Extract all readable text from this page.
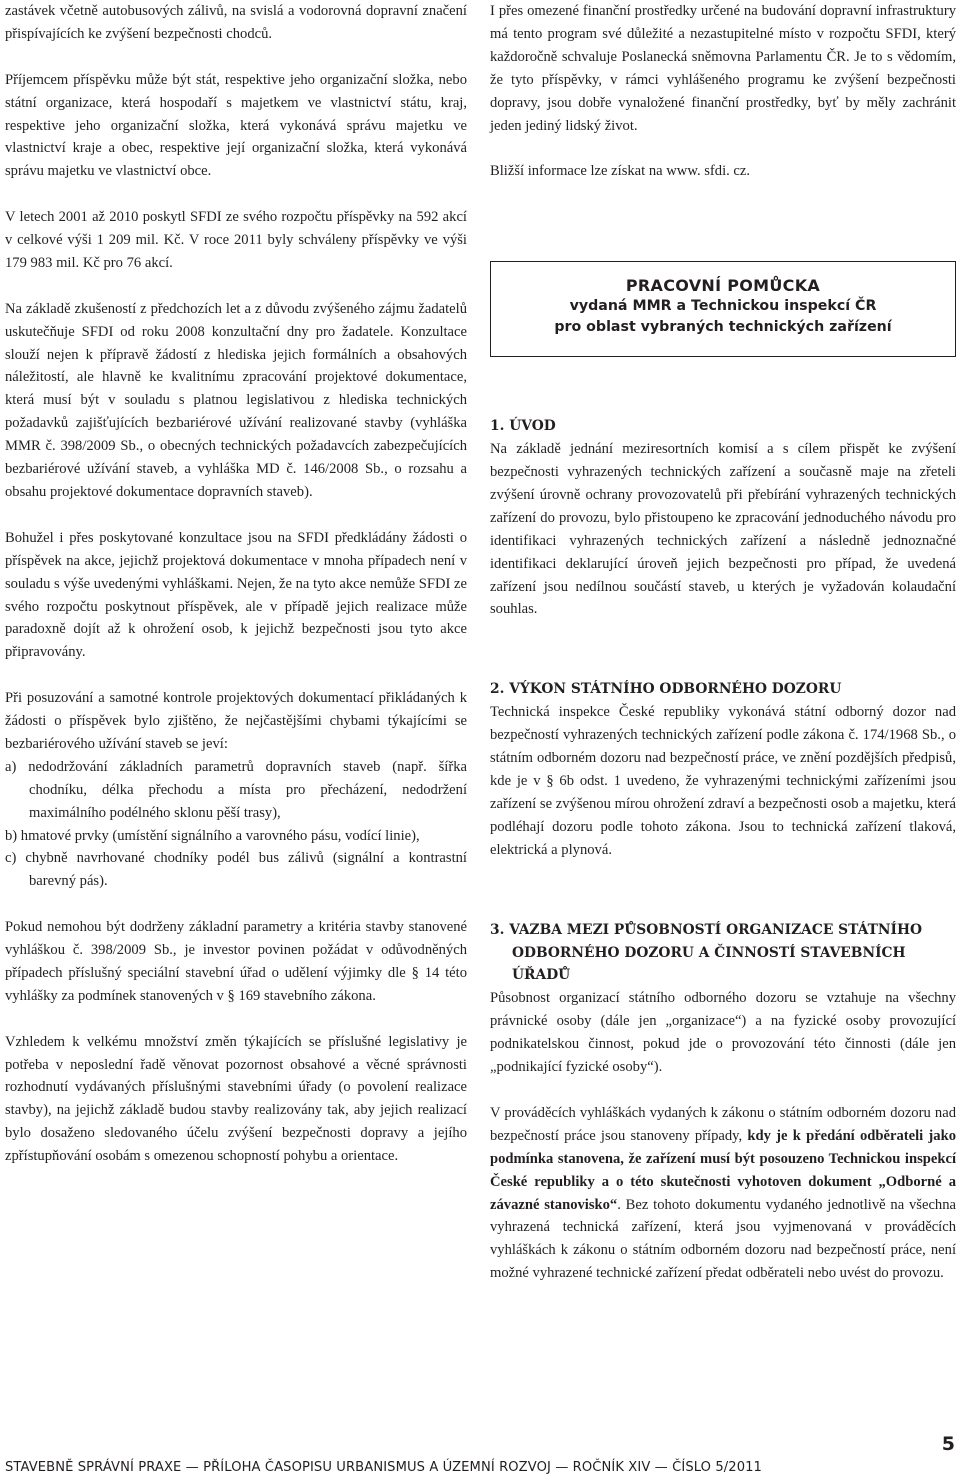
zastávek včetně autobusových zálivů, na svislá a vodorovná dopravní značení přispívajících ke zvýšení bezpečnosti chodců.

Příjemcem příspěvku může být stát, respektive jeho organizační složka, nebo státní organizace, která hospodaří s majetkem ve vlastnictví státu, kraj, respektive jeho organizační složka, která vykonává správu majetku ve vlastnictví kraje a obec, respektive její organizační složka, která vykonává správu majetku ve vlastnictví obce.

V letech 2001 až 2010 poskytl SFDI ze svého rozpočtu příspěvky na 592 akcí v celkové výši 1 209 mil. Kč. V roce 2011 byly schváleny příspěvky ve výši 179 983 mil. Kč pro 76 akcí.

Na základě zkušeností z předchozích let a z důvodu zvýšeného zájmu žadatelů uskutečňuje SFDI od roku 2008 konzultační dny pro žadatele. Konzultace slouží nejen k přípravě žádostí z hlediska jejich formálních a obsahových náležitostí, ale hlavně ke kvalitnímu zpracování projektové dokumentace, která musí být v souladu s platnou legislativou z hlediska technických požadavků zajišťujících bezbariérové užívání realizované stavby (vyhláška MMR č. 398/2009 Sb., o obecných technických požadavcích zabezpečujících bezbariérové užívání staveb, a vyhláška MD č. 146/2008 Sb., o rozsahu a obsahu projektové dokumentace dopravních staveb).

Bohužel i přes poskytované konzultace jsou na SFDI předkládány žádosti o příspěvek na akce, jejichž projektová dokumentace v mnoha případech není v souladu s výše uvedenými vyhláškami. Nejen, že na tyto akce nemůže SFDI ze svého rozpočtu poskytnout příspěvek, ale v případě jejich realizace může paradoxně dojít až k ohrožení osob, k jejichž bezpečnosti jsou tyto akce připravovány.

Při posuzování a samotné kontrole projektových dokumentací přikládaných k žádosti o příspěvek bylo zjištěno, že nejčastějšími chybami týkajícími se bezbariérového užívání staveb se jeví:

a) nedodržování základních parametrů dopravních staveb (např. šířka chodníku, délka přechodu a místa pro přecházení, nedodržení maximálního podélného sklonu pěší trasy),
b) hmatové prvky (umístění signálního a varovného pásu, vodící linie),
c) chybně navrhované chodníky podél bus zálivů (signální a kontrastní barevný pás).

Pokud nemohou být dodrženy základní parametry a kritéria stavby stanovené vyhláškou č. 398/2009 Sb., je investor povinen požádat v odůvodněných případech příslušný speciální stavební úřad o udělení výjimky dle § 14 této vyhlášky za podmínek stanovených v § 169 stavebního zákona.

Vzhledem k velkému množství změn týkajících se příslušné legislativy je potřeba v neposlední řadě věnovat pozornost obsahové a věcné správnosti rozhodnutí vydávaných příslušnými stavebními úřady (o povolení realizace stavby), na jejichž základě budou stavby realizovány tak, aby jejich realizací bylo dosaženo sledovaného účelu zvýšení bezpečnosti dopravy a jejího zpřístupňování osobám s omezenou schopností pohybu a orientace.

I přes omezené finanční prostředky určené na budování dopravní infrastruktury má tento program své důležité a nezastupitelné místo v rozpočtu SFDI, který každoročně schvaluje Poslanecká sněmovna Parlamentu ČR. Je to s vědomím, že tyto příspěvky, v rámci vyhlášeného programu ke zvýšení bezpečnosti dopravy, jsou dobře vynaložené finanční prostředky, byť by měly zachránit jeden jediný lidský život.

Bližší informace lze získat na www. sfdi. cz.

PRACOVNÍ POMŮCKA
vydaná MMR a Technickou inspekcí ČR
pro oblast vybraných technických zařízení
1. ÚVOD

Na základě jednání meziresortních komisí a s cílem přispět ke zvýšení bezpečnosti vyhrazených technických zařízení a současně maje na zřeteli zvýšení úrovně ochrany provozovatelů při přebírání vyhrazených technických zařízení do provozu, bylo přistoupeno ke zpracování jednoduchého návodu pro identifikaci vyhrazených technických zařízení a následně jednoznačné identifikaci deklarující úroveň jejich bezpečnosti pro případ, že uvedená zařízení jsou nedílnou součástí staveb, u kterých je vyžadován kolaudační souhlas.

2. VÝKON STÁTNÍHO ODBORNÉHO DOZORU

Technická inspekce České republiky vykonává státní odborný dozor nad bezpečností vyhrazených technických zařízení podle zákona č. 174/1968 Sb., o státním odborném dozoru nad bezpečností práce, ve znění pozdějších předpisů, kde je v § 6b odst. 1 uvedeno, že vyhrazenými technickými zařízeními jsou zařízení se zvýšenou mírou ohrožení zdraví a bezpečnosti osob a majetku, která podléhají dozoru podle tohoto zákona. Jsou to technická zařízení tlaková, elektrická a plynová.

3. VAZBA MEZI PŮSOBNOSTÍ ORGANIZACE STÁTNÍHO ODBORNÉHO DOZORU A ČINNOSTÍ STAVEBNÍCH ÚŘADŮ

Působnost organizací státního odborného dozoru se vztahuje na všechny právnické osoby (dále jen „organizace“) a na fyzické osoby provozující podnikatelskou činnost, pokud jde o provozování této činnosti (dále jen „podnikající fyzické osoby“).

V prováděcích vyhláškách vydaných k zákonu o státním odborném dozoru nad bezpečností práce jsou stanoveny případy, kdy je k předání odběrateli jako podmínka stanovena, že zařízení musí být posouzeno Technickou inspekcí České republiky a o této skutečnosti vyhotoven dokument „Odborné a závazné stanovisko“. Bez tohoto dokumentu vydaného jednotlivě na všechna vyhrazená technická zařízení, která jsou vyjmenovaná v prováděcích vyhláškách k zákonu o státním odborném dozoru nad bezpečností práce, není možné vyhrazené technické zařízení předat odběrateli nebo uvést do provozu.

5
STAVEBNĚ SPRÁVNÍ PRAXE — PŘÍLOHA ČASOPISU URBANISMUS A ÚZEMNÍ ROZVOJ — ROČNÍK XIV — ČÍSLO 5/2011
